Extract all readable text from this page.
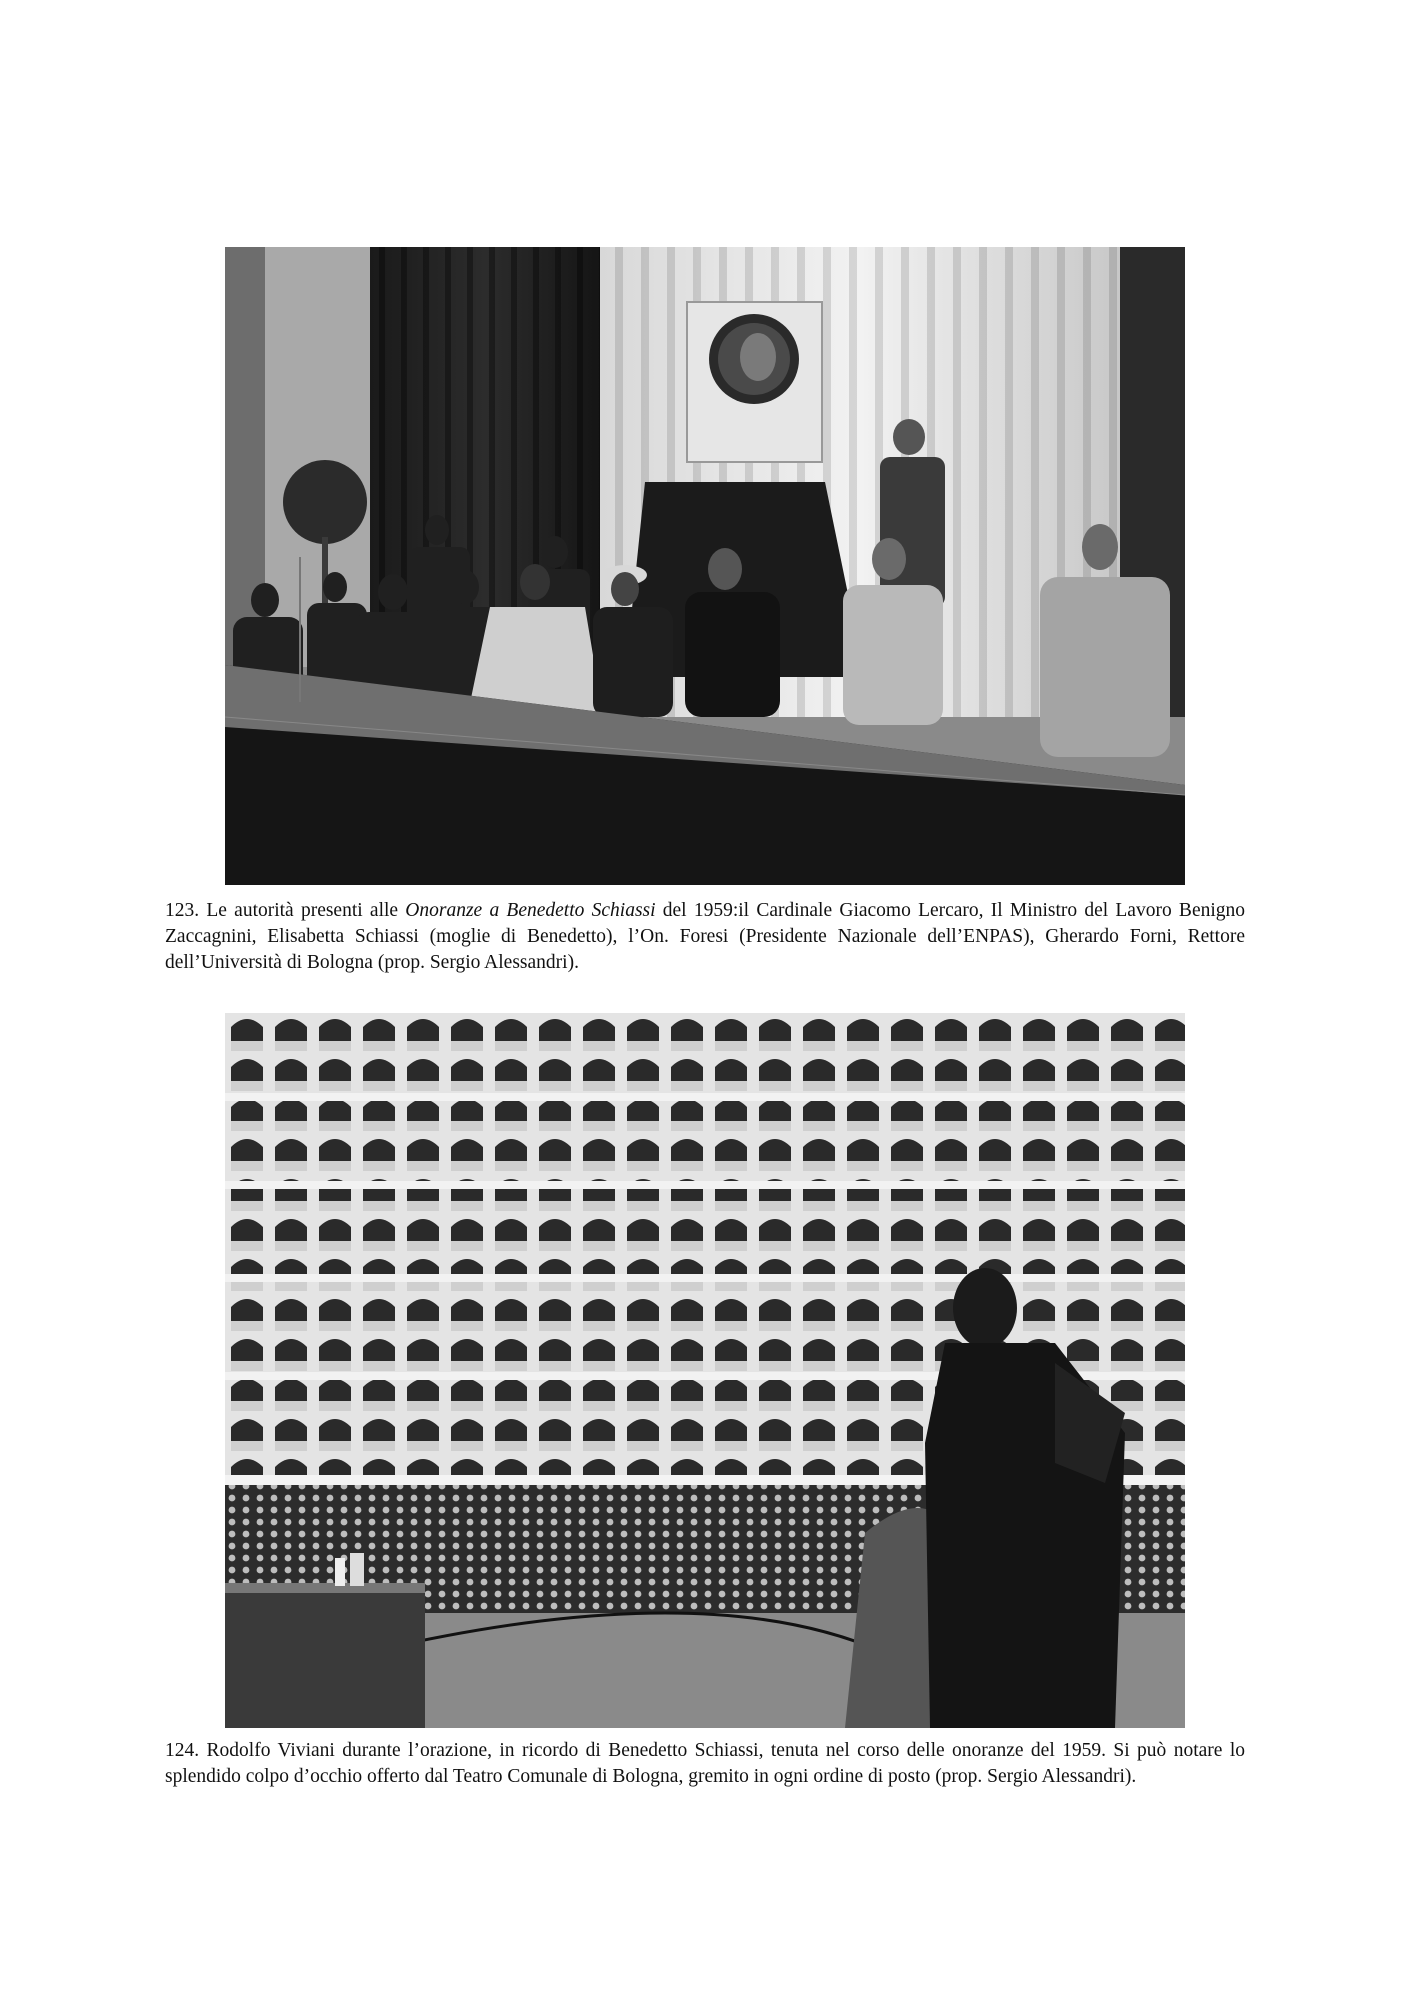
123. Le autorità presenti alle Onoranze a Benedetto Schiassi del 1959:il Cardinale Giacomo Lercaro, Il Ministro del Lavoro Benigno Zaccagnini, Elisabetta Schiassi (moglie di Benedetto), l’On. Foresi (Presidente Nazionale dell’ENPAS), Gherardo Forni, Rettore dell’Università di Bologna (prop. Sergio Alessandri).
124. Rodolfo Viviani durante l’orazione, in ricordo di Benedetto Schiassi, tenuta nel corso delle onoranze del 1959. Si può notare lo splendido colpo d’occhio offerto dal Teatro Comunale di Bologna, gremito in ogni ordine di posto (prop. Sergio Alessandri).
